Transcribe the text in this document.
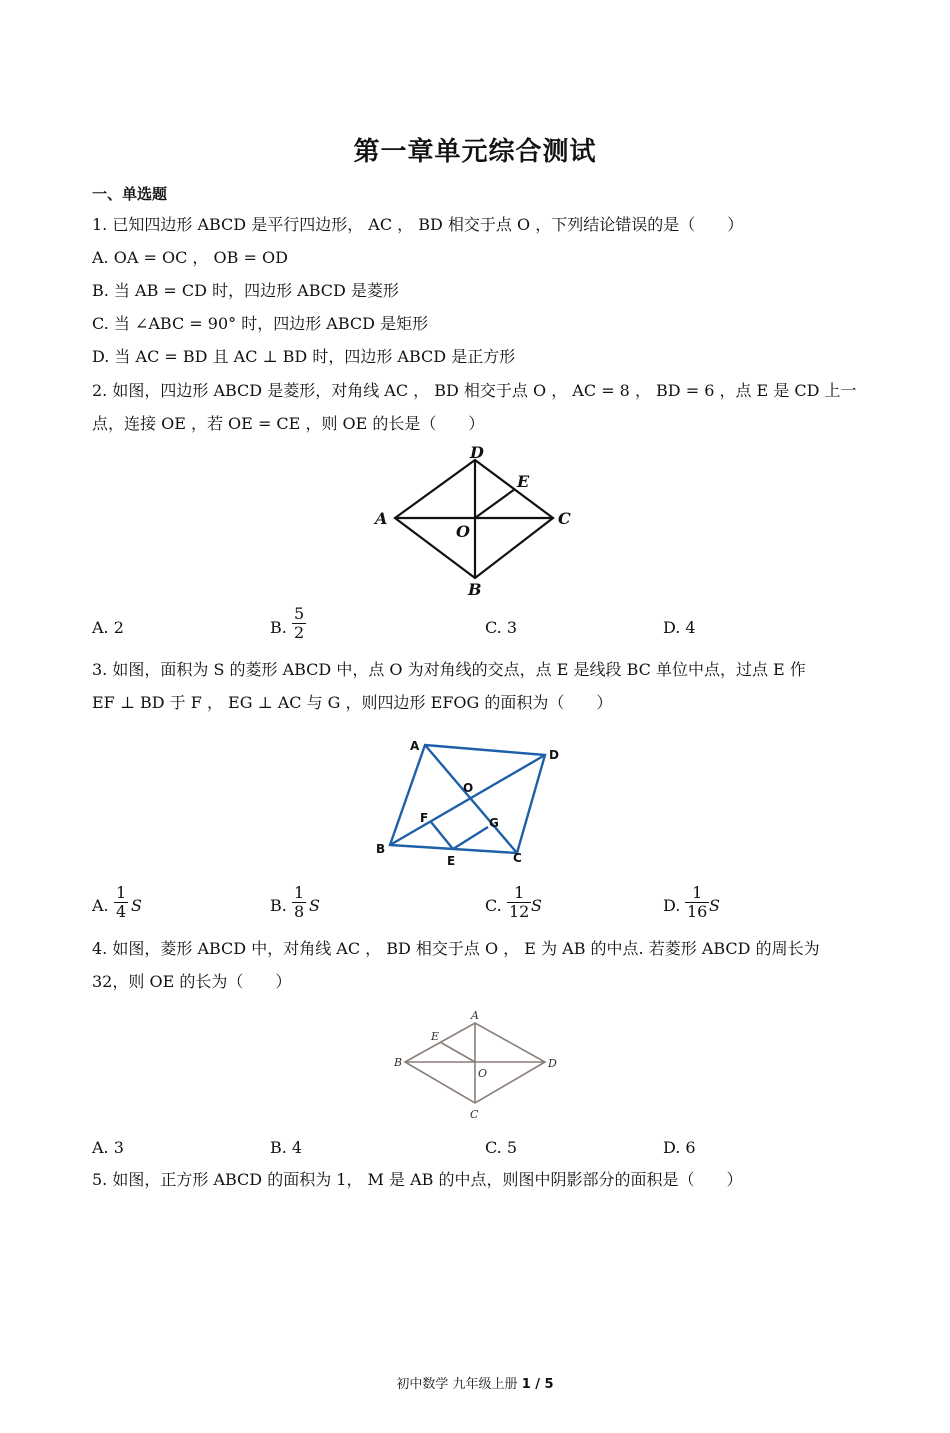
第一章单元综合测试
一、单选题
1. 已知四边形 ABCD 是平行四边形， AC ， BD 相交于点 O ，下列结论错误的是（　　）
A. OA = OC ， OB = OD
B. 当 AB = CD 时，四边形 ABCD 是菱形
C. 当 ∠ABC = 90° 时，四边形 ABCD 是矩形
D. 当 AC = BD 且 AC ⊥ BD 时，四边形 ABCD 是正方形
2. 如图，四边形 ABCD 是菱形，对角线 AC ， BD 相交于点 O ， AC = 8 ， BD = 6 ，点 E 是 CD 上一
点，连接 OE ，若 OE = CE ，则 OE 的长是（　　）
A
D
C
B
E
O
A. 2	B. $\frac{5}{2}$	C. 3	D. 4
3. 如图，面积为 S 的菱形 ABCD 中，点 O 为对角线的交点，点 E 是线段 BC 单位中点，过点 E 作
EF ⊥ BD 于 F ， EG ⊥ AC 与 G ，则四边形 EFOG 的面积为（　　）
A
D
B
C
O
F	G
E
A. $\frac{1}{4}$ S	B. $\frac{1}{8}$ S	C. $\frac{1}{12}$ S	D. $\frac{1}{16}$ S
4. 如图，菱形 ABCD 中，对角线 AC ， BD 相交于点 O ， E 为 AB 的中点. 若菱形 ABCD 的周长为
32，则 OE 的长为（　　）
A
B	D
C
E
O
A. 3	B. 4	C. 5	D. 6
5. 如图，正方形 ABCD 的面积为 1， M 是 AB 的中点，则图中阴影部分的面积是（　　）
初中数学 九年级上册 1 / 5
